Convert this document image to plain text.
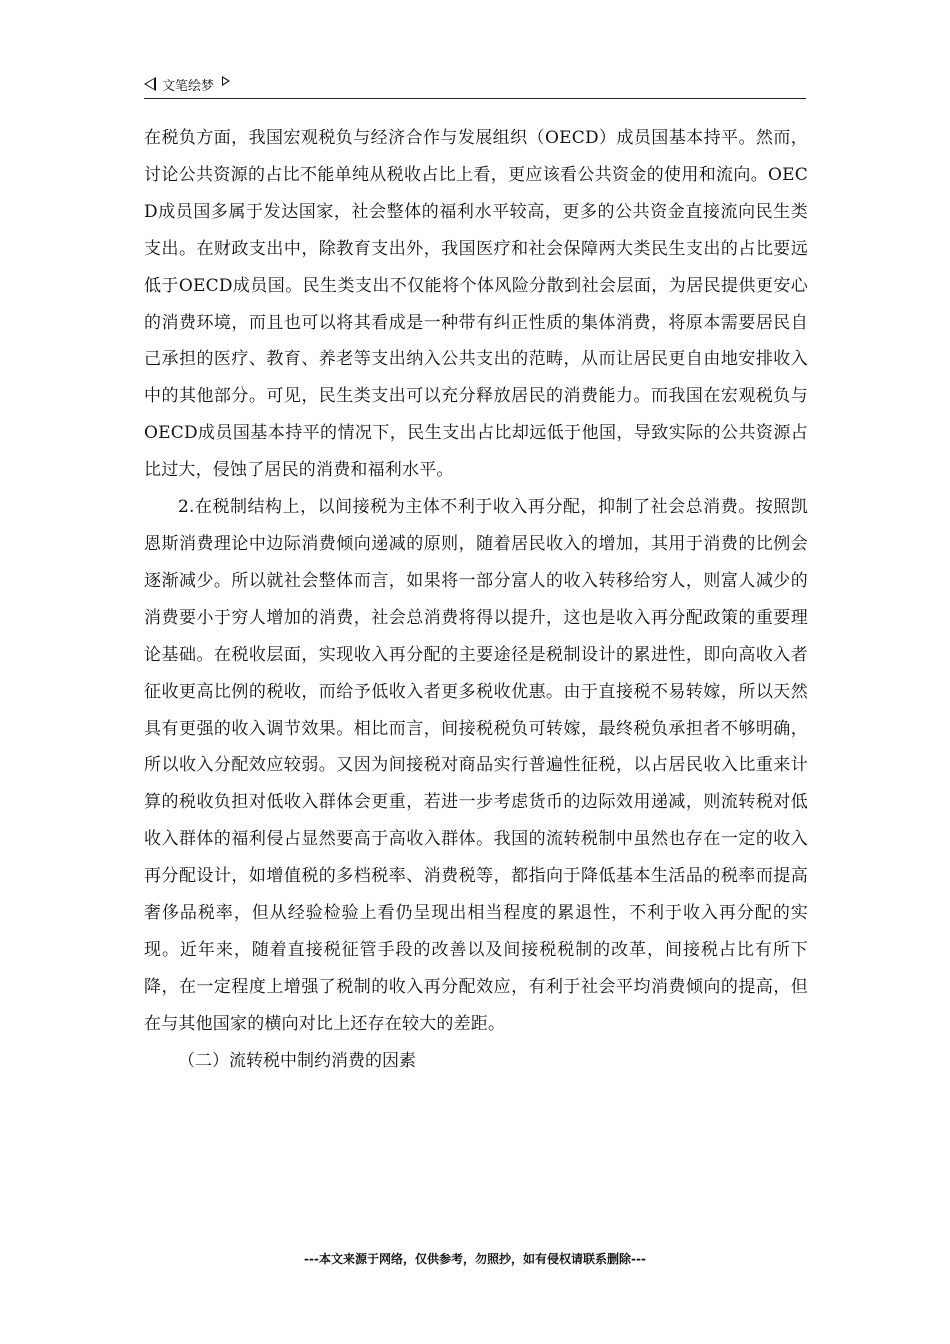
文笔绘梦

在税负方面，我国宏观税负与经济合作与发展组织（OECD）成员国基本持平。然而，讨论公共资源的占比不能单纯从税收占比上看，更应该看公共资金的使用和流向。OECD成员国多属于发达国家，社会整体的福利水平较高，更多的公共资金直接流向民生类支出。在财政支出中，除教育支出外，我国医疗和社会保障两大类民生支出的占比要远低于OECD成员国。民生类支出不仅能将个体风险分散到社会层面，为居民提供更安心的消费环境，而且也可以将其看成是一种带有纠正性质的集体消费，将原本需要居民自己承担的医疗、教育、养老等支出纳入公共支出的范畴，从而让居民更自由地安排收入中的其他部分。可见，民生类支出可以充分释放居民的消费能力。而我国在宏观税负与OECD成员国基本持平的情况下，民生支出占比却远低于他国，导致实际的公共资源占比过大，侵蚀了居民的消费和福利水平。

2.在税制结构上，以间接税为主体不利于收入再分配，抑制了社会总消费。按照凯恩斯消费理论中边际消费倾向递减的原则，随着居民收入的增加，其用于消费的比例会逐渐减少。所以就社会整体而言，如果将一部分富人的收入转移给穷人，则富人减少的消费要小于穷人增加的消费，社会总消费将得以提升，这也是收入再分配政策的重要理论基础。在税收层面，实现收入再分配的主要途径是税制设计的累进性，即向高收入者征收更高比例的税收，而给予低收入者更多税收优惠。由于直接税不易转嫁，所以天然具有更强的收入调节效果。相比而言，间接税税负可转嫁，最终税负承担者不够明确，所以收入分配效应较弱。又因为间接税对商品实行普遍性征税，以占居民收入比重来计算的税收负担对低收入群体会更重，若进一步考虑货币的边际效用递减，则流转税对低收入群体的福利侵占显然要高于高收入群体。我国的流转税制中虽然也存在一定的收入再分配设计，如增值税的多档税率、消费税等，都指向于降低基本生活品的税率而提高奢侈品税率，但从经验检验上看仍呈现出相当程度的累退性，不利于收入再分配的实现。近年来，随着直接税征管手段的改善以及间接税税制的改革，间接税占比有所下降，在一定程度上增强了税制的收入再分配效应，有利于社会平均消费倾向的提高，但在与其他国家的横向对比上还存在较大的差距。

（二）流转税中制约消费的因素

---本文来源于网络，仅供参考，勿照抄，如有侵权请联系删除---
